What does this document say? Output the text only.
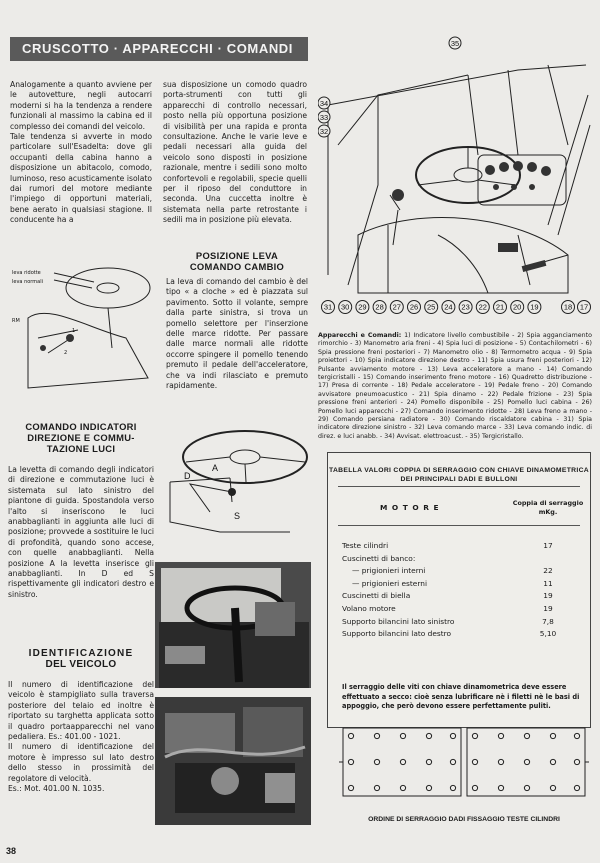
CRUSCOTTO · APPARECCHI · COMANDI

Analogamente a quanto avviene per le autovetture, negli autocarri moderni si ha la tendenza a rendere funzionali al massimo la cabina ed il complesso dei comandi del veicolo.

Tale tendenza si avverte in modo particolare sull'Esadelta: dove gli occupanti della cabina hanno a disposizione un abitacolo, comodo, luminoso, reso acusticamente isolato dai rumori del motore mediante l'impiego di opportuni materiali, bene aerato in qualsiasi stagione. Il conducente ha a

sua disposizione un comodo quadro porta-strumenti con tutti gli apparecchi di controllo necessari, posto nella più opportuna posizione di visibilità per una rapida e pronta consultazione. Anche le varie leve e pedali necessari alla guida del veicolo sono disposti in posizione razionale, mentre i sedili sono molto confortevoli e regolabili, specie quelli per il riposo del conduttore in seconda. Una cuccetta inoltre è sistemata nella parte retrostante i sedili ma in posizione più elevata.

35
34
33
32
31 30 29 28 27 26 25 24 23 22 21 20 19	18 17
leva ridotte
leva normali
RM
1
2
POSIZIONE LEVA
COMANDO CAMBIO

La leva di comando del cambio è del tipo « a cloche » ed è piazzata sul pavimento. Sotto il volante, sempre dalla parte sinistra, si trova un pomello selettore per l'inserzione delle marce ridotte. Per passare dalle marce normali alle ridotte occorre spingere il pomello tenendo premuto il pedale dell'acceleratore, che va indi rilasciato e premuto rapidamente.

Apparecchi e Comandi: 1) Indicatore livello combustibile - 2) Spia agganciamento rimorchio - 3) Manometro aria freni - 4) Spia luci di posizione - 5) Contachilometri - 6) Spia pressione freni posteriori - 7) Manometro olio - 8) Termometro acqua - 9) Spia proiettori - 10) Spia indicatore direzione destro - 11) Spia usura freni posteriori - 12) Pulsante avviamento motore - 13) Leva acceleratore a mano - 14) Comando tergicristalli - 15) Comando inserimento freno motore - 16) Quadretto distribuzione - 17) Presa di corrente - 18) Pedale acceleratore - 19) Pedale freno - 20) Comando avvisatore pneumoacustico - 21) Spia dinamo - 22) Pedale frizione - 23) Spia pressione freni anteriori - 24) Pomello disponibile - 25) Pomello luci cabina - 26) Pomello luci apparecchi - 27) Comando inserimento ridotte - 28) Leva freno a mano - 29) Comando persiana radiatore - 30) Comando riscaldatore cabina - 31) Spia indicatore direzione sinistro - 32) Leva comando marce - 33) Leva comando indic. di direz. e luci anabb. - 34) Avvisat. elettroacust. - 35) Tergicristallo.
COMANDO INDICATORI
DIREZIONE E COMMU-
TAZIONE LUCI

La levetta di comando degli indicatori di direzione e commutazione luci è sistemata sul lato sinistro del piantone di guida. Spostandola verso l'alto si inseriscono le luci anabbaglianti in aggiunta alle luci di posizione; provvede a sostituire le luci di profondità, quando sono accese, con quelle anabbaglianti. Nella posizione A la levetta inserisce gli anabbaglianti. In D ed S rispettivamente gli indicatori destro e sinistro.

D
A
S
IDENTIFICAZIONE
DEL VEICOLO

Il numero di identificazione del veicolo è stampigliato sulla traversa posteriore del telaio ed inoltre è riportato su targhetta applicata sotto il quadro portaapparecchi nel vano pedaliera. Es.: 401.00 - 1021.

Il numero di identificazione del motore è impresso sul lato destro dello stesso in prossimità del regolatore di velocità.

Es.: Mot. 401.00 N. 1035.

TABELLA VALORI COPPIA DI SERRAGGIO CON CHIAVE DINAMOMETRICA
DEI PRINCIPALI DADI E BULLONI
M O T O R E	Coppia di serraggio
mKg.
Teste cilindri	17
Cuscinetti di banco:
— prigionieri interni	22
— prigionieri esterni	11
Cuscinetti di biella	19
Volano motore	19
Supporto bilancini lato sinistro	7,8
Supporto bilancini lato destro	5,10
Il serraggio delle viti con chiave dinamometrica deve essere effettuato a secco: cioè senza lubrificare nè i filetti nè le basi di appoggio, che però devono essere perfettamente puliti.
ORDINE DI SERRAGGIO DADI FISSAGGIO TESTE CILINDRI
38
